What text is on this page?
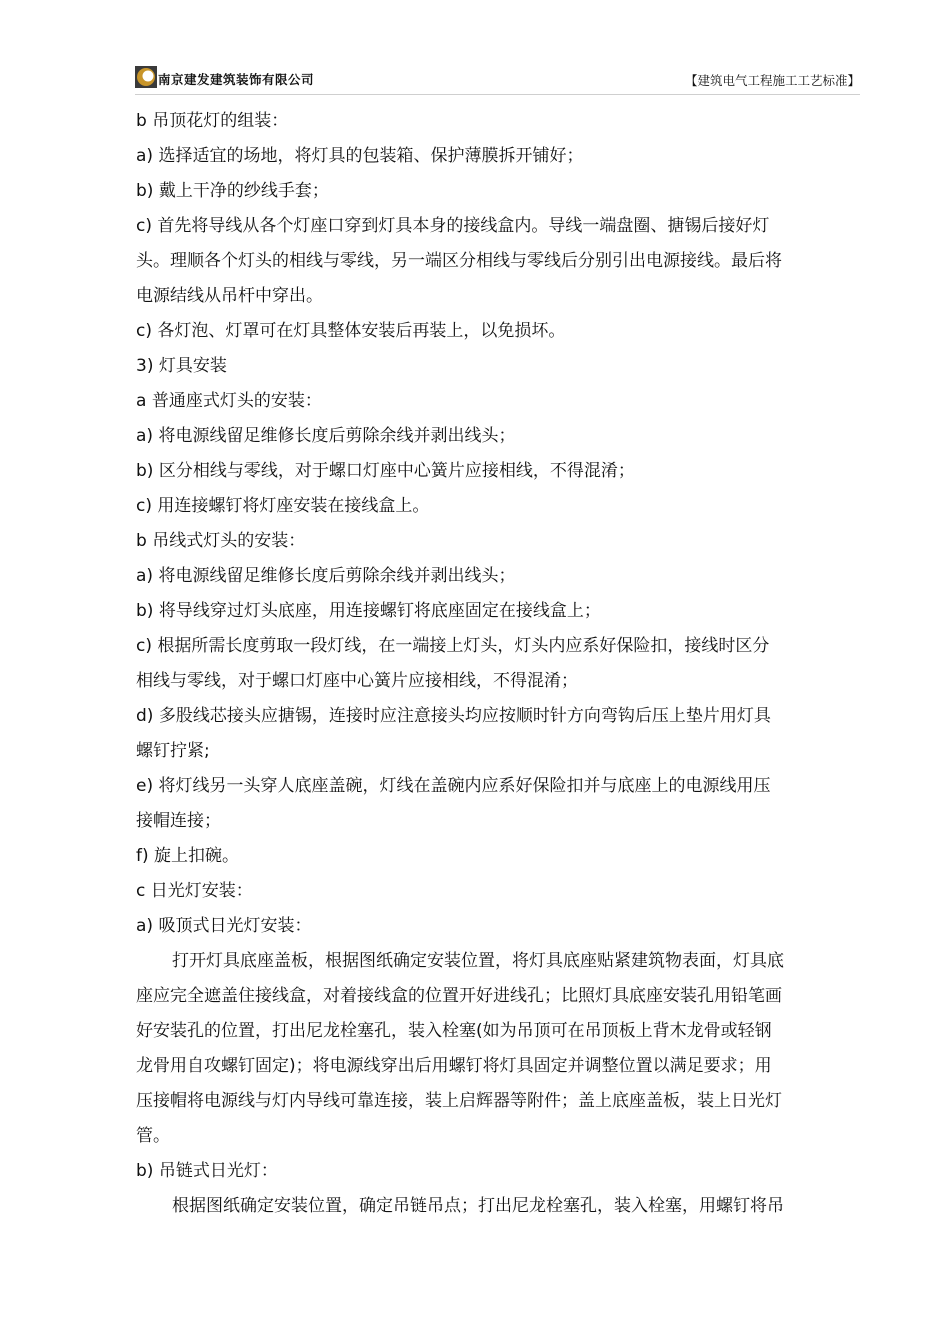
南京建发建筑装饰有限公司	【建筑电气工程施工工艺标准】
b 吊顶花灯的组装：
a) 选择适宜的场地，将灯具的包装箱、保护薄膜拆开铺好；
b) 戴上干净的纱线手套；
c) 首先将导线从各个灯座口穿到灯具本身的接线盒内。导线一端盘圈、搪锡后接好灯
头。理顺各个灯头的相线与零线，另一端区分相线与零线后分别引出电源接线。最后将
电源结线从吊杆中穿出。
c) 各灯泡、灯罩可在灯具整体安装后再装上，以免损坏。
3) 灯具安装
a 普通座式灯头的安装：
a) 将电源线留足维修长度后剪除余线并剥出线头；
b) 区分相线与零线，对于螺口灯座中心簧片应接相线，不得混淆；
c) 用连接螺钉将灯座安装在接线盒上。
b 吊线式灯头的安装：
a) 将电源线留足维修长度后剪除余线并剥出线头；
b) 将导线穿过灯头底座，用连接螺钉将底座固定在接线盒上；
c) 根据所需长度剪取一段灯线，在一端接上灯头，灯头内应系好保险扣，接线时区分
相线与零线，对于螺口灯座中心簧片应接相线，不得混淆；
d) 多股线芯接头应搪锡，连接时应注意接头均应按顺时针方向弯钩后压上垫片用灯具
螺钉拧紧;
e) 将灯线另一头穿人底座盖碗，灯线在盖碗内应系好保险扣并与底座上的电源线用压
接帽连接；
f) 旋上扣碗。
c 日光灯安装：
a) 吸顶式日光灯安装：
打开灯具底座盖板，根据图纸确定安装位置，将灯具底座贴紧建筑物表面，灯具底
座应完全遮盖住接线盒，对着接线盒的位置开好进线孔；比照灯具底座安装孔用铅笔画
好安装孔的位置，打出尼龙栓塞孔，装入栓塞(如为吊顶可在吊顶板上背木龙骨或轻钢
龙骨用自攻螺钉固定)；将电源线穿出后用螺钉将灯具固定并调整位置以满足要求；用
压接帽将电源线与灯内导线可靠连接，装上启辉器等附件；盖上底座盖板，装上日光灯
管。
b) 吊链式日光灯：
根据图纸确定安装位置，确定吊链吊点；打出尼龙栓塞孔，装入栓塞，用螺钉将吊
